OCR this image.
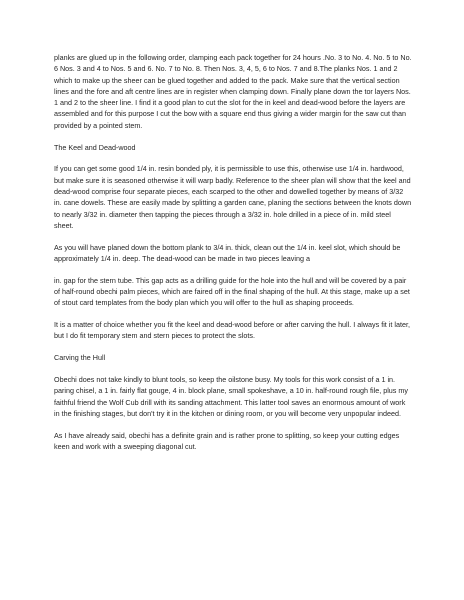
planks are glued up in the following order, clamping each pack together for 24 hours .No. 3 to No. 4. No. 5 to No. 6 Nos. 3 and 4 to Nos. 5 and 6. No. 7 to No. 8. Then Nos. 3, 4, 5, 6 to Nos. 7 and 8.The planks Nos. 1 and 2 which to make up the sheer can be glued together and added to the pack. Make sure that the vertical section lines and the fore and aft centre lines are in register when clamping down. Finally plane down the tor layers Nos. 1 and 2 to the sheer line. I find it a good plan to cut the slot for the in keel and dead-wood before the layers are assembled and for this purpose I cut the bow with a square end thus giving a wider margin for the saw cut than provided by a pointed stem.

The Keel and Dead-wood

If you can get some good 1/4 in. resin bonded ply, it is permissible to use this, otherwise use 1/4 in. hardwood, but make sure it is seasoned otherwise it will warp badly. Reference to the sheer plan will show that the keel and dead-wood comprise four separate pieces, each scarped to the other and dowelled together by means of 3/32 in. cane dowels. These are easily made by splitting a garden cane, planing the sections between the knots down to nearly 3/32 in. diameter then tapping the pieces through a 3/32 in. hole drilled in a piece of in. mild steel sheet.

As you will have planed down the bottom plank to 3/4 in. thick, clean out the 1/4 in. keel slot, which should be approximately 1/4 in. deep. The dead-wood can be made in two pieces leaving a

in. gap for the stern tube. This gap acts as a drilling guide for the hole into the hull and will be covered by a pair of half-round obechi palm pieces, which are faired off in the final shaping of the hull. At this stage, make up a set of stout card templates from the body plan which you will offer to the hull as shaping proceeds.

It is a matter of choice whether you fit the keel and dead-wood before or after carving the hull. I always fit it later, but I do fit temporary stem and stern pieces to protect the slots.

Carving the Hull

Obechi does not take kindly to blunt tools, so keep the oilstone busy. My tools for this work consist of a 1 in. paring chisel, a 1 in. fairly flat gouge, 4 in. block plane, small spokeshave, a 10 in. half-round rough file, plus my faithful friend the Wolf Cub drill with its sanding attachment. This latter tool saves an enormous amount of work in the finishing stages, but don't try it in the kitchen or dining room, or you will become very unpopular indeed.

As I have already said, obechi has a definite grain and is rather prone to splitting, so keep your cutting edges keen and work with a sweeping diagonal cut.
